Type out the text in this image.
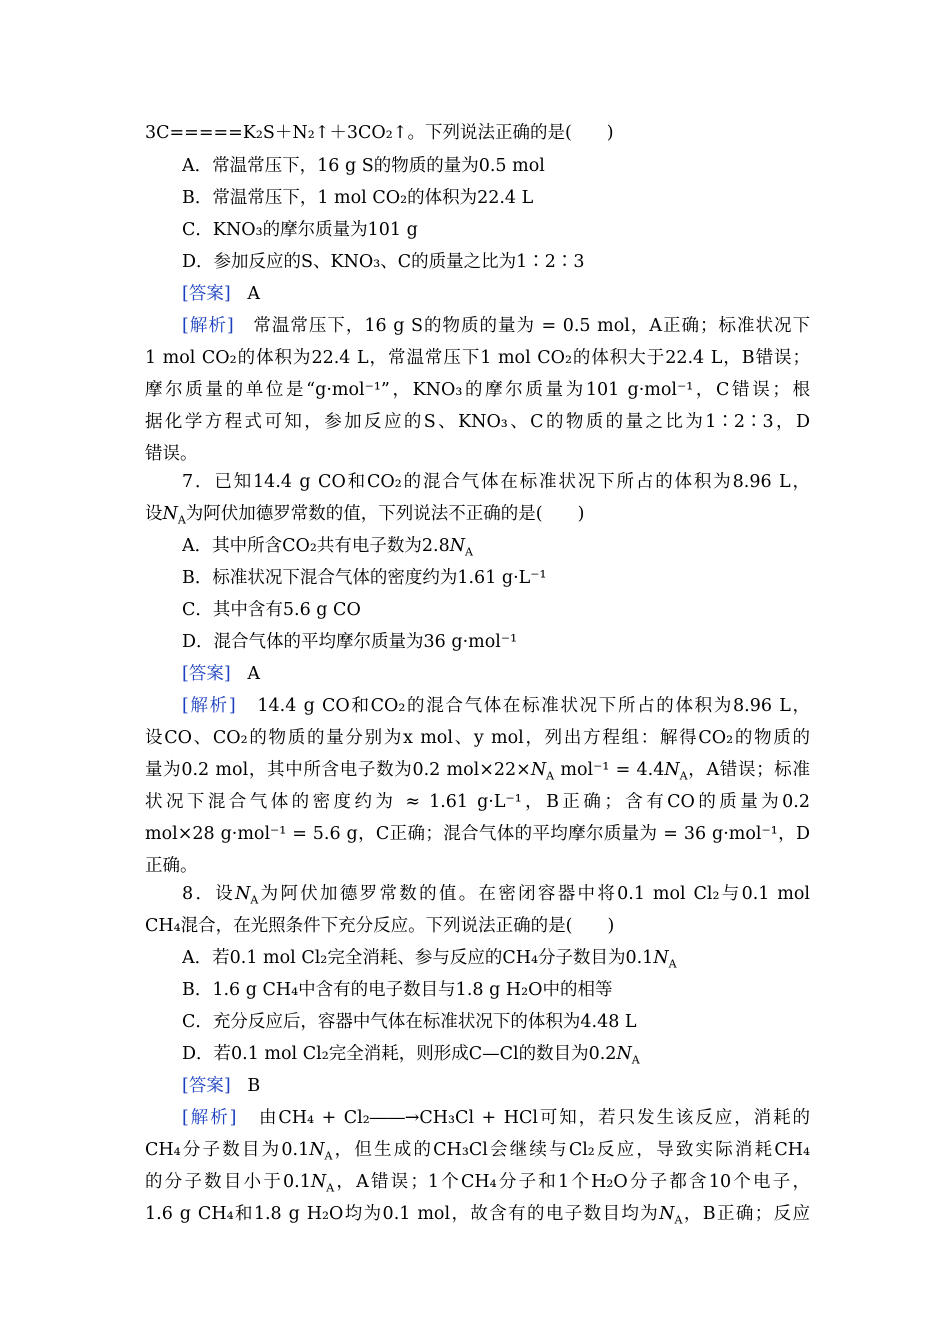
3C=====K₂S＋N₂↑＋3CO₂↑。下列说法正确的是(　　)
A．常温常压下，16 g S的物质的量为0.5 mol
B．常温常压下，1 mol CO₂的体积为22.4 L
C．KNO₃的摩尔质量为101 g
D．参加反应的S、KNO₃、C的质量之比为1∶2∶3
[答案] A
[解析] 常温常压下，16 g S的物质的量为 = 0.5 mol，A正确；标准状况下
1 mol CO₂的体积为22.4 L，常温常压下1 mol CO₂的体积大于22.4 L，B错误；
摩尔质量的单位是“g·mol⁻¹”，KNO₃的摩尔质量为101 g·mol⁻¹，C错误；根
据化学方程式可知，参加反应的S、KNO₃、C的物质的量之比为1∶2∶3，D
错误。
7．已知14.4 g CO和CO₂的混合气体在标准状况下所占的体积为8.96 L，
设$N_A$为阿伏加德罗常数的值，下列说法不正确的是(　　)
A．其中所含CO₂共有电子数为$2.8N_A$
B．标准状况下混合气体的密度约为1.61 g·L⁻¹
C．其中含有5.6 g CO
D．混合气体的平均摩尔质量为36 g·mol⁻¹
[答案] A
[解析] 14.4 g CO和CO₂的混合气体在标准状况下所占的体积为8.96 L，
设CO、CO₂的物质的量分别为x mol、y mol，列出方程组：解得CO₂的物质的
量为0.2 mol，其中所含电子数为0.2 $mol\times 22\times N_A$ $mol^{-1} = 4.4N_A$，A错误；标准
状况下混合气体的密度约为 ≈ 1.61 g·L⁻¹，B正确；含有CO的质量为0.2
mol×28 g·mol⁻¹ = 5.6 g，C正确；混合气体的平均摩尔质量为 = 36 g·mol⁻¹，D
正确。
8．设$N_A$为阿伏加德罗常数的值。在密闭容器中将0.1 mol Cl₂与0.1 mol
CH₄混合，在光照条件下充分反应。下列说法正确的是(　　)
A．若0.1 mol Cl₂完全消耗、参与反应的CH₄分子数目为$0.1N_A$
B．1.6 g CH₄中含有的电子数目与1.8 g H₂O中的相等
C．充分反应后，容器中气体在标准状况下的体积为4.48 L
D．若0.1 mol Cl₂完全消耗，则形成C—Cl的数目为$0.2N_A$
[答案] B
[解析] 由CH₄ + Cl₂――→CH₃Cl + HCl可知，若只发生该反应，消耗的
CH₄分子数目为$0.1N_A$，但生成的CH₃Cl会继续与Cl₂反应，导致实际消耗CH₄
的分子数目小于$0.1N_A$，A错误；1个CH₄分子和1个H₂O分子都含10个电子，
1.6 g CH₄和1.8 g H₂O均为0.1 mol，故含有的电子数目均为$N_A$，B正确；反应
